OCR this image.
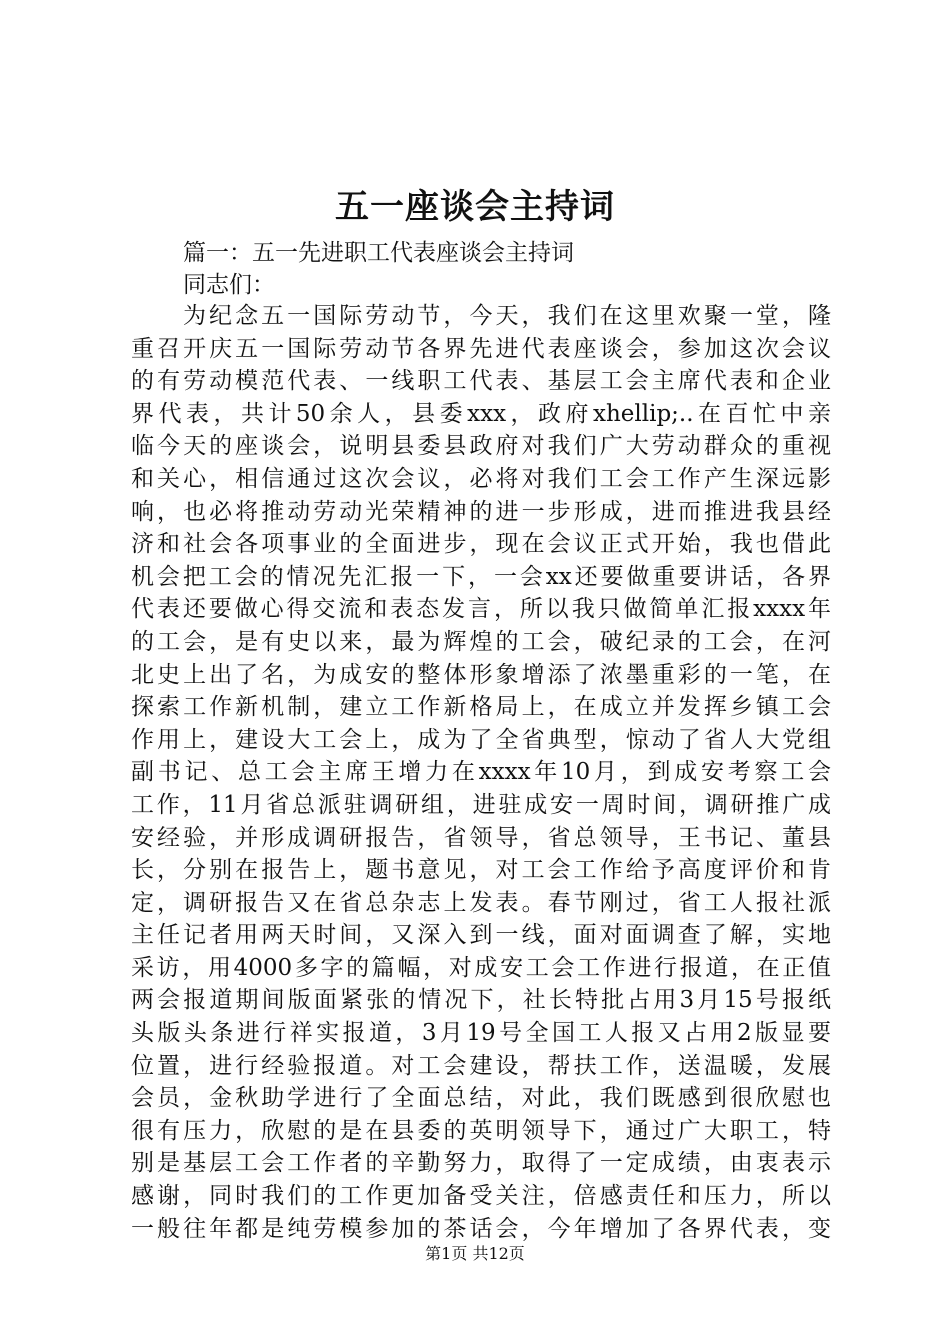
五一座谈会主持词
篇一：五一先进职工代表座谈会主持词
同志们：
为纪念五一国际劳动节，今天，我们在这里欢聚一堂，隆
重召开庆五一国际劳动节各界先进代表座谈会，参加这次会议
的有劳动模范代表、一线职工代表、基层工会主席代表和企业
界代表，共计50余人，县委xxx，政府xhellip;..在百忙中亲
临今天的座谈会，说明县委县政府对我们广大劳动群众的重视
和关心，相信通过这次会议，必将对我们工会工作产生深远影
响，也必将推动劳动光荣精神的进一步形成，进而推进我县经
济和社会各项事业的全面进步，现在会议正式开始，我也借此
机会把工会的情况先汇报一下，一会xx还要做重要讲话，各界
代表还要做心得交流和表态发言，所以我只做简单汇报xxxx年
的工会，是有史以来，最为辉煌的工会，破纪录的工会，在河
北史上出了名，为成安的整体形象增添了浓墨重彩的一笔，在
探索工作新机制，建立工作新格局上，在成立并发挥乡镇工会
作用上，建设大工会上，成为了全省典型，惊动了省人大党组
副书记、总工会主席王增力在xxxx年10月，到成安考察工会
工作，11月省总派驻调研组，进驻成安一周时间，调研推广成
安经验，并形成调研报告，省领导，省总领导，王书记、董县
长，分别在报告上，题书意见，对工会工作给予高度评价和肯
定，调研报告又在省总杂志上发表。春节刚过，省工人报社派
主任记者用两天时间，又深入到一线，面对面调查了解，实地
采访，用4000多字的篇幅，对成安工会工作进行报道，在正值
两会报道期间版面紧张的情况下，社长特批占用3月15号报纸
头版头条进行祥实报道，3月19号全国工人报又占用2版显要
位置，进行经验报道。对工会建设，帮扶工作，送温暖，发展
会员，金秋助学进行了全面总结，对此，我们既感到很欣慰也
很有压力，欣慰的是在县委的英明领导下，通过广大职工，特
别是基层工会工作者的辛勤努力，取得了一定成绩，由衷表示
感谢，同时我们的工作更加备受关注，倍感责任和压力，所以
一般往年都是纯劳模参加的茶话会，今年增加了各界代表，变
第1页 共12页
